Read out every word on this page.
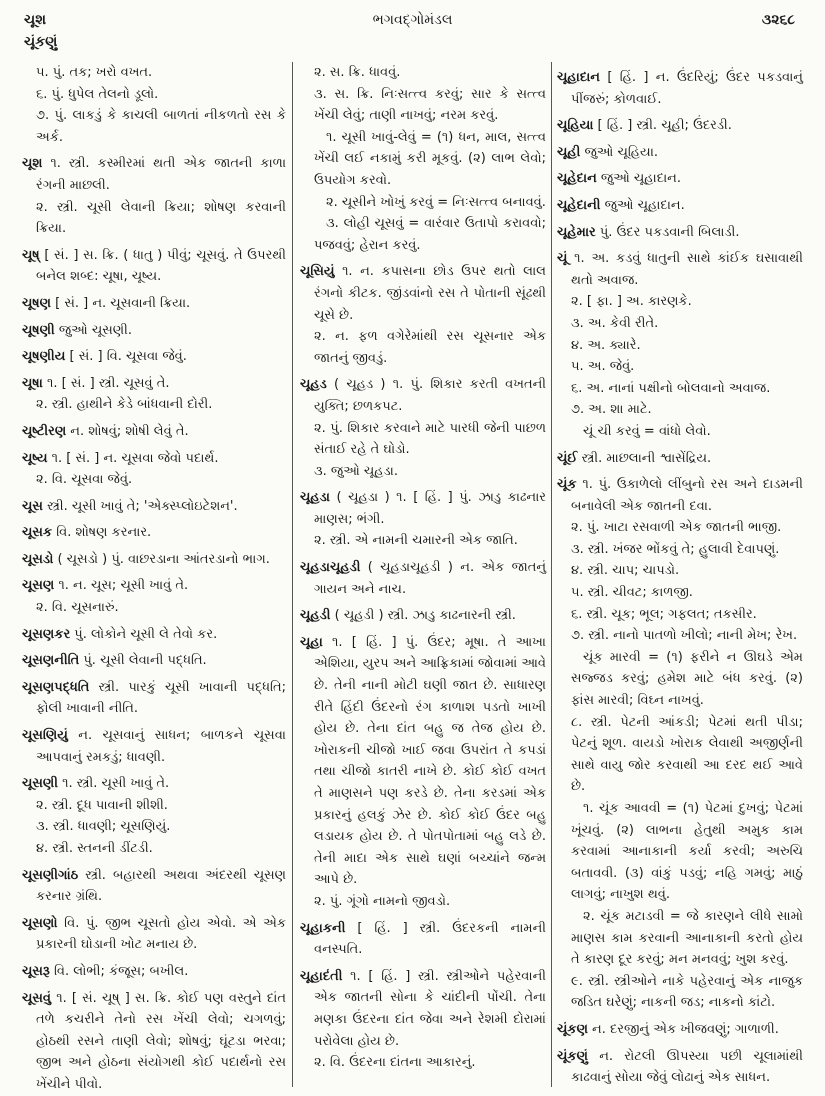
ચૂશ
ચૂંકણું
ભગવદ્ગોમંડલ	૩૨૬૮

૫. પું. તક; ખરો વખત.

૬. પું. ધુપેલ તેલનો ડૂલો.

૭. પું. લાકડું કે કાચલી બાળતાં નીકળતો રસ કે અર્ક.

ચૂશ ૧. સ્ત્રી. કસ્મીરમાં થતી એક જાતની કાળા રંગની માછલી.

૨. સ્ત્રી. ચૂસી લેવાની ક્રિયા; શોષણ કરવાની ક્રિયા.

ચૂષ્ [ સં. ] સ. ક્રિ. ( ધાતુ ) પીવું; ચૂસવું. તે ઉપરથી બનેલ શબ્દ: ચૂષા, ચૂષ્ય.

ચૂષણ [ સં. ] ન. ચૂસવાની ક્રિયા.

ચૂષણી જુઓ ચૂસણી.

ચૂષણીય [ સં. ] વિ. ચૂસવા જેવું.

ચૂષા ૧. [ સં. ] સ્ત્રી. ચૂસવું તે.

૨. સ્ત્રી. હાથીને કેડે બાંધવાની દોરી.

ચૂષ્ટીરણ ન. શોષવું; શોષી લેવું તે.

ચૂષ્ય ૧. [ સં. ] ન. ચૂસવા જેવો પદાર્થ.

૨. વિ. ચૂસવા જેવું.

ચૂસ સ્ત્રી. ચૂસી ખાવું તે; 'એક્સ્પ્લોઇટેશન'.

ચૂસક વિ. શોષણ કરનાર.

ચૂસડો ( ચૂસડો ) પું. વાછરડાના આંતરડાનો ભાગ.

ચૂસણ ૧. ન. ચૂસ; ચૂસી ખાવું તે.

૨. વિ. ચૂસનારું.

ચૂસણકર પું. લોકોને ચૂસી લે તેવો કર.

ચૂસણનીતિ પું. ચૂસી લેવાની પદ્ધતિ.

ચૂસણપદ્ધતિ સ્ત્રી. પારકું ચૂસી ખાવાની પદ્ધતિ; ફોલી ખાવાની નીતિ.

ચૂસણિયું ન. ચૂસવાનું સાધન; બાળકને ચૂસવા આપવાનું રમકડું; ધાવણી.

ચૂસણી ૧. સ્ત્રી. ચૂસી ખાવું તે.

૨. સ્ત્રી. દૂધ પાવાની શીશી.

૩. સ્ત્રી. ધાવણી; ચૂસણિયું.

૪. સ્ત્રી. સ્તનની ડીંટડી.

ચૂસણીગાંઠ સ્ત્રી. બહારથી અથવા અંદરથી ચૂસણ કરનાર ગ્રંથિ.

ચૂસણો વિ. પું. જીભ ચૂસતો હોય એવો. એ એક પ્રકારની ઘોડાની ખોટ મનાય છે.

ચૂસરૂ વિ. લોભી; કંજૂસ; બખીલ.

ચૂસવું ૧. [ સં. ચૂષ્ ] સ. ક્રિ. કોઈ પણ વસ્તુને દાંત તળે કચરીને તેનો રસ ખેંચી લેવો; ચગળવું; હોઠથી રસને તાણી લેવો; શોષવું; ઘૂંટડા ભરવા; જીભ અને હોઠના સંયોગથી કોઈ પદાર્થનો રસ ખેંચીને પીવો.

૨. સ. ક્રિ. ધાવવું.

૩. સ. ક્રિ. નિઃસત્ત્વ કરવું; સાર કે સત્ત્વ ખેંચી લેવું; તાણી નાખવું; નરમ કરવું.

૧. ચૂસી ખાવું-લેવું = (૧) ધન, માલ, સત્ત્વ ખેંચી લઈ નકામું કરી મૂકવું. (૨) લાભ લેવો; ઉપયોગ કરવો.

૨. ચૂસીને ખોખું કરવું = નિઃસત્ત્વ બનાવવું.

૩. લોહી ચૂસવું = વારંવાર ઉતાપો કરાવવો; પજવવું; હેરાન કરવું.

ચૂસિયું ૧. ન. કપાસના છોડ ઉપર થતો લાલ રંગનો કીટક. જીંડવાંનો રસ તે પોતાની સૂંઢથી ચૂસે છે.

૨. ન. ફળ વગેરેમાંથી રસ ચૂસનાર એક જાતનું જીવડું.

ચૂહડ ( ચૂહડ ) ૧. પું. શિકાર કરતી વખતની યુક્તિ; છળકપટ.

૨. પું. શિકાર કરવાને માટે પારધી જેની પાછળ સંતાઈ રહે તે ઘોડો.

૩. જુઓ ચૂહડા.

ચૂહડા ( ચૂહડા ) ૧. [ હિં. ] પું. ઝાડુ કાઢનાર માણસ; ભંગી.

૨. સ્ત્રી. એ નામની ચમારની એક જાતિ.

ચૂહડાચૂહડી ( ચૂહડાચૂહડી ) ન. એક જાતનું ગાયન અને નાચ.

ચૂહડી ( ચૂહડી ) સ્ત્રી. ઝાડુ કાઢનારની સ્ત્રી.

ચૂહા ૧. [ હિં. ] પું. ઉંદર; મૂષા. તે આખા એશિયા, યુરપ અને આફ્રિકામાં જોવામાં આવે છે. તેની નાની મોટી ઘણી જાત છે. સાધારણ રીતે હિંદી ઉંદરનો રંગ કાળાશ પડતો ખાખી હોય છે. તેના દાંત બહુ જ તેજ હોય છે. ખોરાકની ચીજો ખાઈ જવા ઉપરાંત તે કપડાં તથા ચીજો કાતરી નાખે છે. કોઈ કોઈ વખત તે માણસને પણ કરડે છે. તેના કરડમાં એક પ્રકારનું હલકું ઝેર છે. કોઈ કોઈ ઉંદર બહુ લડાયક હોય છે. તે પોતપોતામાં બહુ લડે છે. તેની માદા એક સાથે ઘણાં બચ્ચાંને જન્મ આપે છે.

૨. પું. ગૂંગો નામનો જીવડો.

ચૂહાકની [ હિં. ] સ્ત્રી. ઉંદરકની નામની વનસ્પતિ.

ચૂહાદંતી ૧. [ હિં. ] સ્ત્રી. સ્ત્રીઓને પહેરવાની એક જાતની સોના કે ચાંદીની પોંચી. તેના મણકા ઉંદરના દાંત જેવા અને રેશમી દોરામાં પરોવેલા હોય છે.

૨. વિ. ઉંદરના દાંતના આકારનું.

ચૂહાદાન [ હિં. ] ન. ઉંદરિયું; ઉંદર પકડવાનું પીંજરું; કોળવાઈ.

ચૂહિયા [ હિં. ] સ્ત્રી. ચૂહી; ઉંદરડી.

ચૂહી જુઓ ચૂહિયા.

ચૂહેદાન જુઓ ચૂહાદાન.

ચૂહેદાની જુઓ ચૂહાદાન.

ચૂહેમાર પું. ઉંદર પકડવાની બિલાડી.

ચૂં ૧. અ. કડવું ધાતુની સાથે કાંઈક ઘસાવાથી થતો અવાજ.

૨. [ ફા. ] અ. કારણકે.

૩. અ. કેવી રીતે.

૪. અ. ક્યારે.

૫. અ. જેવું.

૬. અ. નાનાં પક્ષીનો બોલવાનો અવાજ.

૭. અ. શા માટે.

ચૂં ચી કરવું = વાંધો લેવો.

ચૂંઈ સ્ત્રી. માછલાની શ્વાસેંદ્રિય.

ચૂંક ૧. પું. ઉકાળેલો લીંબુનો રસ અને દાડમની બનાવેલી એક જાતની દવા.

૨. પું. ખાટા રસવાળી એક જાતની ભાજી.

૩. સ્ત્રી. ખંજર ભોંકવું તે; હુલાવી દેવાપણું.

૪. સ્ત્રી. ચાપ; ચાપડો.

૫. સ્ત્રી. ચીવટ; કાળજી.

૬. સ્ત્રી. ચૂક; ભૂલ; ગફલત; તકસીર.

૭. સ્ત્રી. નાનો પાતળો ખીલો; નાની મેખ; રેખ.

ચૂંક મારવી = (૧) ફરીને ન ઊઘડે એમ સજ્જડ કરવું; હમેશ માટે બંધ કરવું. (૨) ફાંસ મારવી; વિઘ્ન નાખવું.

૮. સ્ત્રી. પેટની આંકડી; પેટમાં થતી પીડા; પેટનું શૂળ. વાયડો ખોરાક લેવાથી અજીર્ણની સાથે વાયુ જોર કરવાથી આ દરદ થઈ આવે છે.

૧. ચૂંક આવવી = (૧) પેટમાં દુખવું; પેટમાં ખૂંચવું. (૨) લાભના હેતુથી અમુક કામ કરવામાં આનાકાની કર્યા કરવી; અરુચિ બતાવવી. (૩) વાંકું પડવું; નહિ ગમવું; માઠું લાગવું; નાખુશ થવું.

૨. ચૂંક મટાડવી = જે કારણને લીધે સામો માણસ કામ કરવાની આનાકાની કરતો હોય તે કારણ દૂર કરવું; મન મનવવું; ખુશ કરવું.

૯. સ્ત્રી. સ્ત્રીઓને નાકે પહેરવાનું એક નાજુક જડિત ઘરેણું; નાકની જડ; નાકનો કાંટો.

ચૂંકણ ન. દરજીનું એક ખીજવણું; ગાળાળી.

ચૂંકણું ન. રોટલી ઊપસ્યા પછી ચૂલામાંથી કાઢવાનું સોયા જેવું લોઢાનું એક સાધન.
